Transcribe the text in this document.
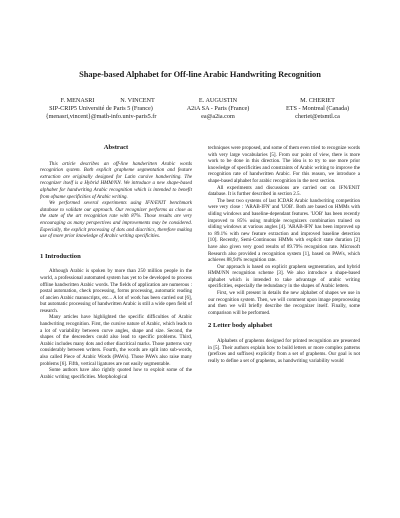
Shape-based Alphabet for Off-line Arabic Handwriting Recognition
F. MENASRI	N. VINCENT
SIP-CRIP5 Université de Paris 5 (France)
{menasri,vincent}@math-info.univ-paris5.fr
E. AUGUSTIN
A2iA SA - Paris (France)
ea@a2ia.com
M. CHERIET
ETS - Montreal (Canada)
cheriet@etsmtl.ca
Abstract

This article describes an off-line handwritten Arabic words recognition system. Both explicit grapheme segmentation and feature extraction are originally designed for Latin cursive handwriting. The recognizer itself is a Hybrid HMM/NN. We introduce a new shape-based alphabet for handwriting Arabic recognition which is intended to benefit from ofname specificities of Arabic writing.

We performed several experiments using IFN/ENIT benchmark database to validate our approach. Our recognizer performs as close as the state of the art recognition rate with 87%. Those results are very encouraging as many perspectives and improvements may be considered. Especially, the explicit processing of dots and diacritics, therefore making use of more prior knowledge of Arabic writing specificities.

1 Introduction

Although Arabic is spoken by more than 250 million people in the world, a professional automated system has yet to be developed to process offline handwritten Arabic words. The fields of application are numerous : postal automation, check processing, forms processing, automatic reading of ancien Arabic manuscripts, etc... A lot of work has been carried out [6], but automatic processing of handwritten Arabic is still a wide open field of research.

Many articles have highlighted the specific difficulties of Arabic handwriting recognition. First, the cursive nature of Arabic, which leads to a lot of variability between curve angles, shape and size. Second, the shapes of the descenders could also lead to specific problems. Third, Arabic includes many dots and other diacritical marks. Those patterns vary considerably between writers. Fourth, the words are split into sub-words, also called Piece of Arabic Words (PAWs). Those PAWs also raise many problems [6]. Fifth, vertical ligatures are not easily segmentable.

Some authors have also rightly quoted how to exploit some of the Arabic writing specificities. Morphological

techniques were proposed, and some of them even tried to recognize words with very large vocabularies [5]. From our point of view, there is more work to be done in this direction. The idea is to try to use more prior knowledge of specificities and constraints of Arabic writing to improve the recognition rate of handwritten Arabic. For this reason, we introduce a shape-based alphabet for arabic recognition in the next section.

All experiments and discussions are carried out on IFN/ENIT database. It is further described in section 2.5.

The best two systems of last ICDAR Arabic handwriting competition were very close : 'ARAB-IFN' and 'UOB'. Both are based on HMMs with sliding windows and baseline-dependant features. 'UOB' has been recently improved to 85% using multiple recognizers combination trained on sliding windows at various angles [4]. 'ARAB-IFN' has been improved up to 89.1% with new feature extraction and improved baseline detection [10]. Recently, Semi-Continuous HMMs with explicit state duration [2] have also given very good results of 89.79% recognition rate. Microsoft Research also provided a recognition system [1], based on PAWs, which achieves 88,94% recognition rate.

Our approach is based on explicit graphem segmentation, and hybrid HMM/NN recognition scheme [3]. We also introduce a shape-based alphabet which is intended to take advantage of arabic writing specificities, especially the redundancy in the shapes of Arabic letters.

First, we will present in details the new alphabet of shapes we use in our recognition system. Then, we will comment upon image preprocessing and then we will briefly describe the recognizer itself. Finally, some comparison will be performed.

2 Letter body alphabet

Alphabets of graphems designed for printed recognition are presented in [5]. Their authors explain how to build letters or more complex patterns (prefixes and suffixes) explicitly from a set of graphems. Our goal is not really to define a set of graphems, as handwriting variability would
